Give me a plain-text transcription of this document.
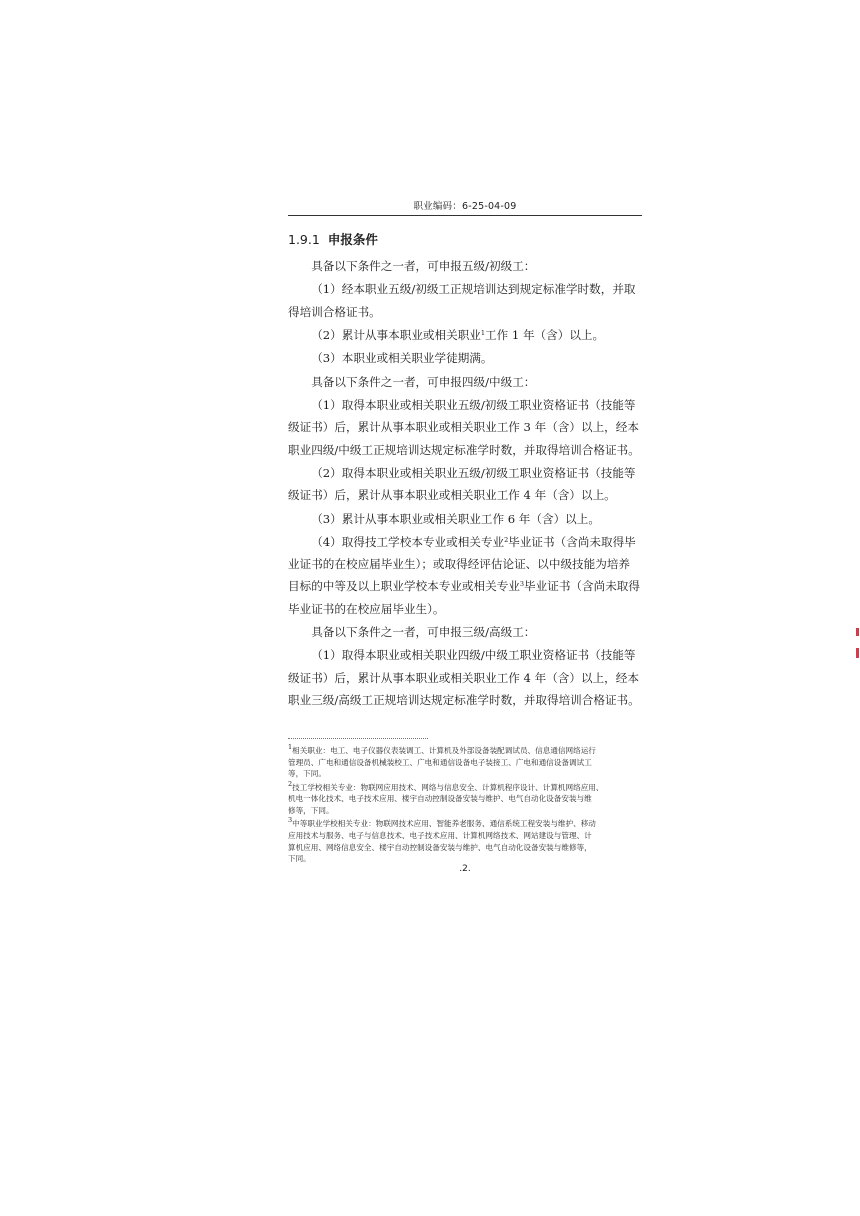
职业编码：6-25-04-09
1.9.1 申报条件
具备以下条件之一者，可申报五级/初级工：
（1）经本职业五级/初级工正规培训达到规定标准学时数，并取
得培训合格证书。
（2）累计从事本职业或相关职业$^1$工作 1 年（含）以上。
（3）本职业或相关职业学徒期满。
具备以下条件之一者，可申报四级/中级工：
（1）取得本职业或相关职业五级/初级工职业资格证书（技能等
级证书）后，累计从事本职业或相关职业工作 3 年（含）以上，经本
职业四级/中级工正规培训达规定标准学时数，并取得培训合格证书。
（2）取得本职业或相关职业五级/初级工职业资格证书（技能等
级证书）后，累计从事本职业或相关职业工作 4 年（含）以上。
（3）累计从事本职业或相关职业工作 6 年（含）以上。
（4）取得技工学校本专业或相关专业$^2$毕业证书（含尚未取得毕
业证书的在校应届毕业生）；或取得经评估论证、以中级技能为培养
目标的中等及以上职业学校本专业或相关专业$^3$毕业证书（含尚未取得
毕业证书的在校应届毕业生）。
具备以下条件之一者，可申报三级/高级工：
（1）取得本职业或相关职业四级/中级工职业资格证书（技能等
级证书）后，累计从事本职业或相关职业工作 4 年（含）以上，经本
职业三级/高级工正规培训达规定标准学时数，并取得培训合格证书。
$^1$相关职业：电工、电子仪器仪表装调工、计算机及外部设备装配调试员、信息通信网络运行
管理员、广电和通信设备机械装校工、广电和通信设备电子装接工、广电和通信设备调试工
等，下同。
$^2$技工学校相关专业：物联网应用技术、网络与信息安全、计算机程序设计、计算机网络应用、
机电一体化技术、电子技术应用、楼宇自动控制设备安装与维护、电气自动化设备安装与维
修等，下同。
$^3$中等职业学校相关专业：物联网技术应用、智能养老服务、通信系统工程安装与维护、移动
应用技术与服务、电子与信息技术、电子技术应用、计算机网络技术、网站建设与管理、计
算机应用、网络信息安全、楼宇自动控制设备安装与维护、电气自动化设备安装与维修等，
下同。
.2.
